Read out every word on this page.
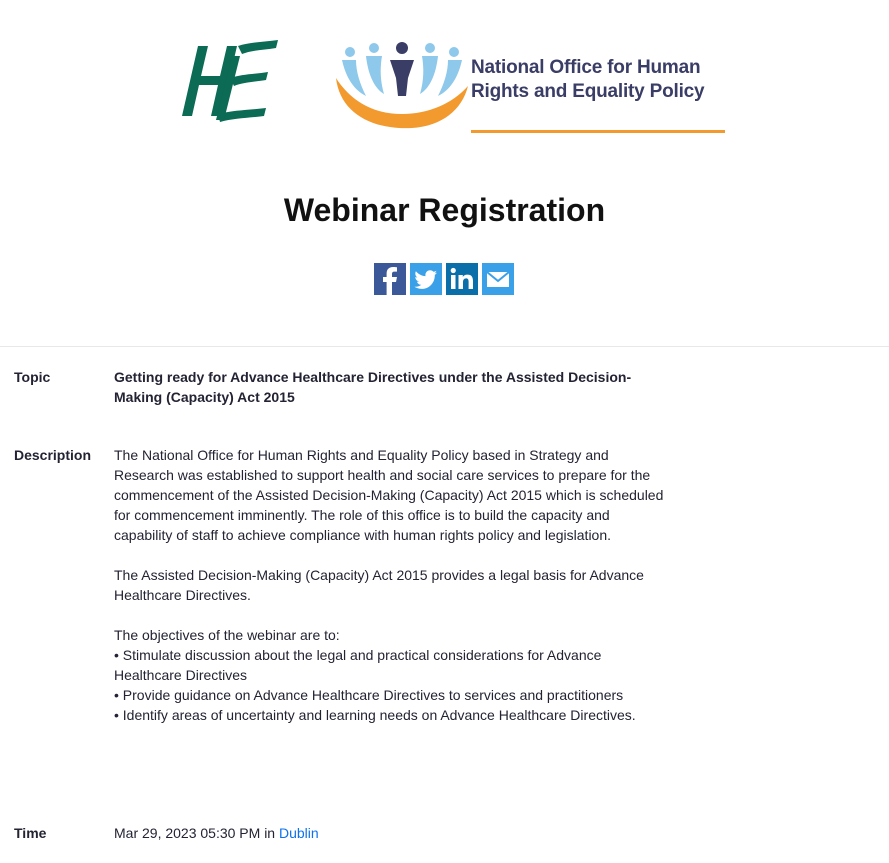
National Office for Human
Rights and Equality Policy
Webinar Registration
Topic	Getting ready for Advance Healthcare Directives under the Assisted Decision-Making (Capacity) Act 2015
Description	The National Office for Human Rights and Equality Policy based in Strategy and Research was established to support health and social care services to prepare for the commencement of the Assisted Decision-Making (Capacity) Act 2015 which is scheduled for commencement imminently. The role of this office is to build the capacity and capability of staff to achieve compliance with human rights policy and legislation.

The Assisted Decision-Making (Capacity) Act 2015 provides a legal basis for Advance Healthcare Directives.

The objectives of the webinar are to:
• Stimulate discussion about the legal and practical considerations for Advance Healthcare Directives
• Provide guidance on Advance Healthcare Directives to services and practitioners
• Identify areas of uncertainty and learning needs on Advance Healthcare Directives.

Time	Mar 29, 2023 05:30 PM in Dublin
